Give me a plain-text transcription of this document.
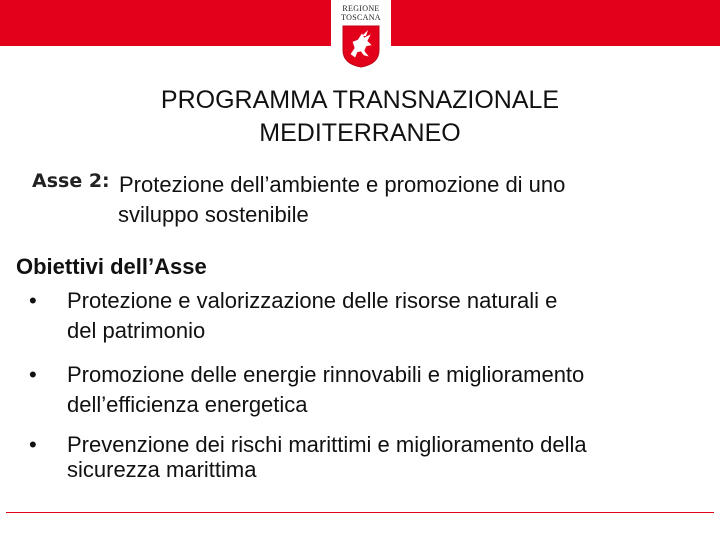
REGIONE
TOSCANA
PROGRAMMA TRANSNAZIONALE
MEDITERRANEO
Asse 2: Protezione dell’ambiente e promozione di uno
sviluppo sostenibile
Obiettivi dell’Asse
• Protezione e valorizzazione delle risorse naturali e
del patrimonio
• Promozione delle energie rinnovabili e miglioramento
dell’efficienza energetica
• Prevenzione dei rischi marittimi e miglioramento della
sicurezza marittima
